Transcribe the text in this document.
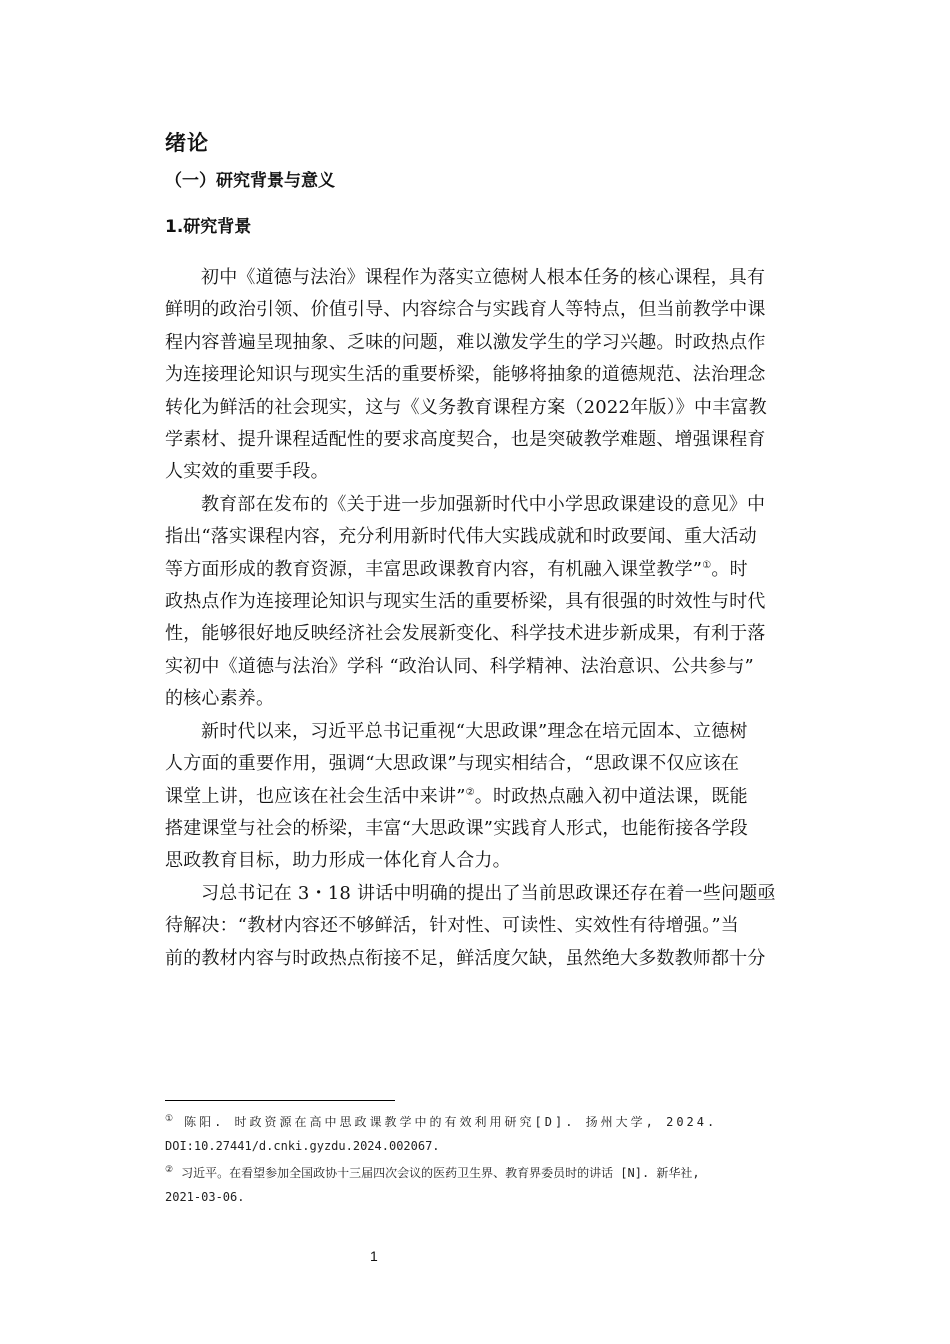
绪论
（一）研究背景与意义
1.研究背景

初中《道德与法治》课程作为落实立德树人根本任务的核心课程，具有
鲜明的政治引领、价值引导、内容综合与实践育人等特点，但当前教学中课
程内容普遍呈现抽象、乏味的问题，难以激发学生的学习兴趣。时政热点作
为连接理论知识与现实生活的重要桥梁，能够将抽象的道德规范、法治理念
转化为鲜活的社会现实，这与《义务教育课程方案（2022年版）》中丰富教
学素材、提升课程适配性的要求高度契合，也是突破教学难题、增强课程育
人实效的重要手段。

教育部在发布的《关于进一步加强新时代中小学思政课建设的意见》中
指出“落实课程内容，充分利用新时代伟大实践成就和时政要闻、重大活动
等方面形成的教育资源，丰富思政课教育内容，有机融入课堂教学”①。时
政热点作为连接理论知识与现实生活的重要桥梁，具有很强的时效性与时代
性，能够很好地反映经济社会发展新变化、科学技术进步新成果，有利于落
实初中《道德与法治》学科 “政治认同、科学精神、法治意识、公共参与”
的核心素养。

新时代以来，习近平总书记重视“大思政课”理念在培元固本、立德树
人方面的重要作用，强调“大思政课”与现实相结合，“思政课不仅应该在
课堂上讲，也应该在社会生活中来讲”②。时政热点融入初中道法课，既能
搭建课堂与社会的桥梁，丰富“大思政课”实践育人形式，也能衔接各学段
思政教育目标，助力形成一体化育人合力。

习总书记在 3・18 讲话中明确的提出了当前思政课还存在着一些问题亟
待解决：“教材内容还不够鲜活，针对性、可读性、实效性有待增强。”当
前的教材内容与时政热点衔接不足，鲜活度欠缺，虽然绝大多数教师都十分

① 陈阳. 时政资源在高中思政课教学中的有效利用研究[D]. 扬州大学, 2024.
DOI:10.27441/d.cnki.gyzdu.2024.002067.
② 习近平。在看望参加全国政协十三届四次会议的医药卫生界、教育界委员时的讲话 [N]. 新华社,
2021-03-06.
1
